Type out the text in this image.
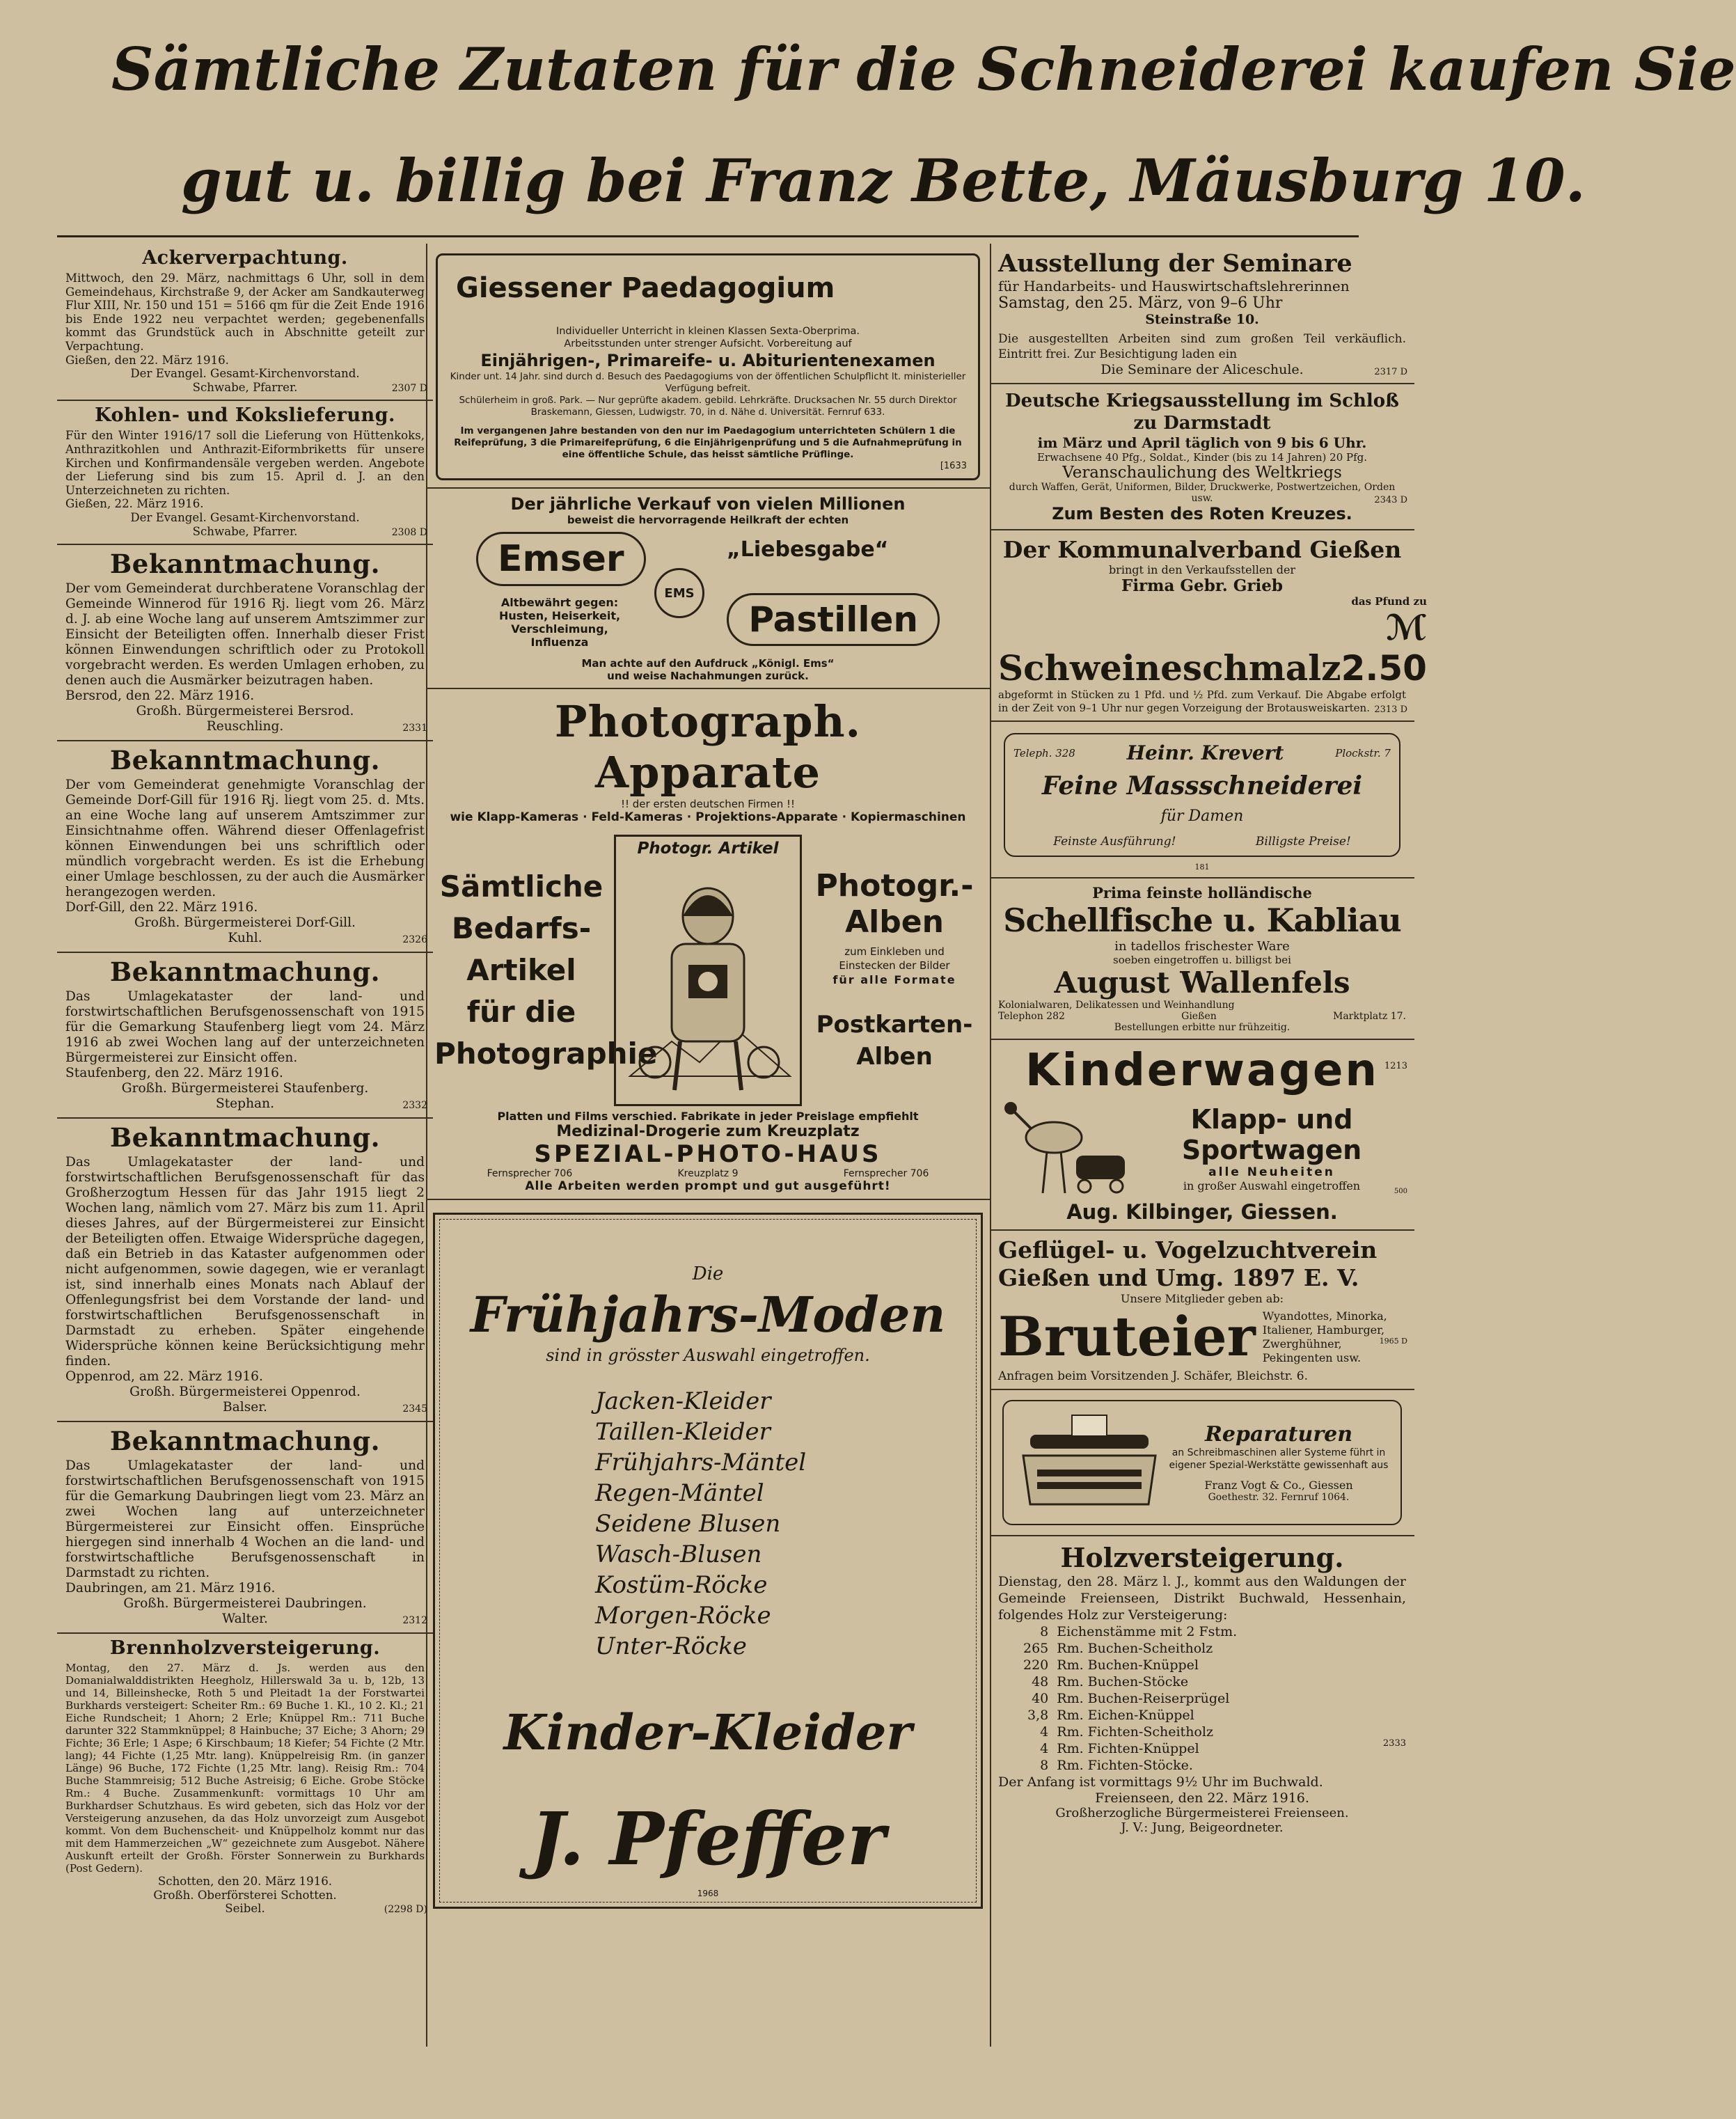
Sämtliche Zutaten für die Schneiderei kaufen Sie
gut u. billig bei Franz Bette, Mäusburg 10.
Ackerverpachtung.

Mittwoch, den 29. März, nachmittags 6 Uhr, soll in dem Gemeindehaus, Kirchstraße 9, der Acker am Sandkauterweg Flur XIII, Nr. 150 und 151 = 5166 qm für die Zeit Ende 1916 bis Ende 1922 neu verpachtet werden; gegebenenfalls kommt das Grundstück auch in Abschnitte geteilt zur Verpachtung.

Gießen, den 22. März 1916.

Der Evangel. Gesamt-Kirchenvorstand.

Schwabe, Pfarrer.	2307 D
Kohlen- und Kokslieferung.

Für den Winter 1916/17 soll die Lieferung von Hüttenkoks, Anthrazitkohlen und Anthrazit-Eiformbriketts für unsere Kirchen und Konfirmandensäle vergeben werden. Angebote der Lieferung sind bis zum 15. April d. J. an den Unterzeichneten zu richten.

Gießen, 22. März 1916.

Der Evangel. Gesamt-Kirchenvorstand.

Schwabe, Pfarrer.	2308 D
Bekanntmachung.

Der vom Gemeinderat durchberatene Voranschlag der Gemeinde Winnerod für 1916 Rj. liegt vom 26. März d. J. ab eine Woche lang auf unserem Amtszimmer zur Einsicht der Beteiligten offen. Innerhalb dieser Frist können Einwendungen schriftlich oder zu Protokoll vorgebracht werden. Es werden Umlagen erhoben, zu denen auch die Ausmärker beizutragen haben.

Bersrod, den 22. März 1916.

Großh. Bürgermeisterei Bersrod.

Reuschling.	2331
Bekanntmachung.

Der vom Gemeinderat genehmigte Voranschlag der Gemeinde Dorf-Gill für 1916 Rj. liegt vom 25. d. Mts. an eine Woche lang auf unserem Amtszimmer zur Einsichtnahme offen. Während dieser Offenlagefrist können Einwendungen bei uns schriftlich oder mündlich vorgebracht werden. Es ist die Erhebung einer Umlage beschlossen, zu der auch die Ausmärker herangezogen werden.

Dorf-Gill, den 22. März 1916.

Großh. Bürgermeisterei Dorf-Gill.

Kuhl.	2326
Bekanntmachung.

Das Umlagekataster der land- und forstwirtschaftlichen Berufsgenossenschaft von 1915 für die Gemarkung Staufenberg liegt vom 24. März 1916 ab zwei Wochen lang auf der unterzeichneten Bürgermeisterei zur Einsicht offen.

Staufenberg, den 22. März 1916.

Großh. Bürgermeisterei Staufenberg.

Stephan.	2332
Bekanntmachung.

Das Umlagekataster der land- und forstwirtschaftlichen Berufsgenossenschaft für das Großherzogtum Hessen für das Jahr 1915 liegt 2 Wochen lang, nämlich vom 27. März bis zum 11. April dieses Jahres, auf der Bürgermeisterei zur Einsicht der Beteiligten offen. Etwaige Widersprüche dagegen, daß ein Betrieb in das Kataster aufgenommen oder nicht aufgenommen, sowie dagegen, wie er veranlagt ist, sind innerhalb eines Monats nach Ablauf der Offenlegungsfrist bei dem Vorstande der land- und forstwirtschaftlichen Berufsgenossenschaft in Darmstadt zu erheben. Später eingehende Widersprüche können keine Berücksichtigung mehr finden.

Oppenrod, am 22. März 1916.

Großh. Bürgermeisterei Oppenrod.

Balser.	2345
Bekanntmachung.

Das Umlagekataster der land- und forstwirtschaftlichen Berufsgenossenschaft von 1915 für die Gemarkung Daubringen liegt vom 23. März an zwei Wochen lang auf unterzeichneter Bürgermeisterei zur Einsicht offen. Einsprüche hiergegen sind innerhalb 4 Wochen an die land- und forstwirtschaftliche Berufsgenossenschaft in Darmstadt zu richten.

Daubringen, am 21. März 1916.

Großh. Bürgermeisterei Daubringen.

Walter.	2312
Brennholzversteigerung.

Montag, den 27. März d. Js. werden aus den Domanialwalddistrikten Heegholz, Hillerswald 3a u. b, 12b, 13 und 14, Billeinshecke, Roth 5 und Pleitadt 1a der Forstwartei Burkhards versteigert: Scheiter Rm.: 69 Buche 1. Kl., 10 2. Kl.; 21 Eiche Rundscheit; 1 Ahorn; 2 Erle; Knüppel Rm.: 711 Buche darunter 322 Stammknüppel; 8 Hainbuche; 37 Eiche; 3 Ahorn; 29 Fichte; 36 Erle; 1 Aspe; 6 Kirschbaum; 18 Kiefer; 54 Fichte (2 Mtr. lang); 44 Fichte (1,25 Mtr. lang). Knüppelreisig Rm. (in ganzer Länge) 96 Buche, 172 Fichte (1,25 Mtr. lang). Reisig Rm.: 704 Buche Stammreisig; 512 Buche Astreisig; 6 Eiche. Grobe Stöcke Rm.: 4 Buche. Zusammenkunft: vormittags 10 Uhr am Burkhardser Schutzhaus. Es wird gebeten, sich das Holz vor der Versteigerung anzusehen, da das Holz unvorzeigt zum Ausgebot kommt. Von dem Buchenscheit- und Knüppelholz kommt nur das mit dem Hammerzeichen „W“ gezeichnete zum Ausgebot. Nähere Auskunft erteilt der Großh. Förster Sonnerwein zu Burkhards (Post Gedern).

Schotten, den 20. März 1916.

Großh. Oberförsterei Schotten.

Seibel.	(2298 D)
Giessener Paedagogium
Individueller Unterricht in kleinen Klassen Sexta-Oberprima.
Arbeitsstunden unter strenger Aufsicht. Vorbereitung auf
Einjährigen-, Primareife- u. Abiturientenexamen
Kinder unt. 14 Jahr. sind durch d. Besuch des Paedagogiums von der öffentlichen Schulpflicht lt. ministerieller Verfügung befreit.
Schülerheim in groß. Park. — Nur geprüfte akadem. gebild. Lehrkräfte. Drucksachen Nr. 55 durch Direktor Braskemann, Giessen, Ludwigstr. 70, in d. Nähe d. Universität. Fernruf 633.
Im vergangenen Jahre bestanden von den nur im Paedagogium unterrichteten Schülern 1 die Reifeprüfung, 3 die Primareifeprüfung, 6 die Einjährigenprüfung und 5 die Aufnahmeprüfung in eine öffentliche Schule, das heisst sämtliche Prüflinge.
[1633
Der jährliche Verkauf von vielen Millionen
beweist die hervorragende Heilkraft der echten
Emser	„Liebesgabe“
EMS
Pastillen
Altbewährt gegen:
Husten, Heiserkeit,
Verschleimung, Influenza
Man achte auf den Aufdruck „Königl. Ems“
und weise Nachahmungen zurück.
Photograph. Apparate
!! der ersten deutschen Firmen !!
wie Klapp-Kameras · Feld-Kameras · Projektions-Apparate · Kopiermaschinen
Sämtliche
Bedarfs-
Artikel
für die
Photographie
Photogr. Artikel
Photogr.-
Alben
zum Einkleben und
Einstecken der Bilder
für alle Formate
Postkarten-
Alben
Platten und Films verschied. Fabrikate in jeder Preislage empfiehlt
Medizinal-Drogerie zum Kreuzplatz
SPEZIAL-PHOTO-HAUS
Fernsprecher 706	Kreuzplatz 9	Fernsprecher 706
Alle Arbeiten werden prompt und gut ausgeführt!
Die
Frühjahrs-Moden
sind in grösster Auswahl eingetroffen.
Jacken-Kleider
Taillen-Kleider
Frühjahrs-Mäntel
Regen-Mäntel
Seidene Blusen
Wasch-Blusen
Kostüm-Röcke
Morgen-Röcke
Unter-Röcke
Kinder-Kleider
J. Pfeffer
1968
Ausstellung der Seminare
für Handarbeits- und Hauswirtschaftslehrerinnen
Samstag, den 25. März, von 9–6 Uhr
Steinstraße 10.
Die ausgestellten Arbeiten sind zum großen Teil verkäuflich. Eintritt frei. Zur Besichtigung laden ein
Die Seminare der Aliceschule.	2317 D
Deutsche Kriegsausstellung im Schloß zu Darmstadt
im März und April täglich von 9 bis 6 Uhr.
Erwachsene 40 Pfg., Soldat., Kinder (bis zu 14 Jahren) 20 Pfg.
Veranschaulichung des Weltkriegs
durch Waffen, Gerät, Uniformen, Bilder, Druckwerke, Postwertzeichen, Orden usw.
Zum Besten des Roten Kreuzes.
2343 D
Der Kommunalverband Gießen
bringt in den Verkaufsstellen der
Firma Gebr. Grieb
Schweineschmalz
das Pfund zu
ℳ 2.50
abgeformt in Stücken zu 1 Pfd. und ½ Pfd. zum Verkauf. Die Abgabe erfolgt in der Zeit von 9–1 Uhr nur gegen Vorzeigung der Brotausweiskarten. 2313 D
Teleph. 328	Heinr. Krevert	Plockstr. 7
Feine Massschneiderei
für Damen
Feinste Ausführung!	Billigste Preise!
181
Prima feinste holländische
Schellfische u. Kabliau
in tadellos frischester Ware
soeben eingetroffen u. billigst bei
August Wallenfels
Kolonialwaren, Delikatessen und Weinhandlung
Telephon 282	Gießen	Marktplatz 17.
Bestellungen erbitte nur frühzeitig.
1213
Kinderwagen
Klapp- und
Sportwagen
alle Neuheiten
in großer Auswahl eingetroffen
Aug. Kilbinger, Giessen.
500
Geflügel- u. Vogelzuchtverein
Gießen und Umg. 1897 E. V.
Unsere Mitglieder geben ab:
Bruteier Wyandottes, Minorka, Italiener, Hamburger, Zwerghühner, Pekingenten usw.
Anfragen beim Vorsitzenden J. Schäfer, Bleichstr. 6.
1965 D
Reparaturen
an Schreibmaschinen aller Systeme führt in eigener Spezial-Werkstätte gewissenhaft aus
Franz Vogt & Co., Giessen
Goethestr. 32. Fernruf 1064.
Holzversteigerung.
Dienstag, den 28. März l. J., kommt aus den Waldungen der Gemeinde Freienseen, Distrikt Buchwald, Hessenhain, folgendes Holz zur Versteigerung:
8	Eichenstämme mit 2 Fstm.
265	Rm. Buchen-Scheitholz
220	Rm. Buchen-Knüppel
48	Rm. Buchen-Stöcke
40	Rm. Buchen-Reiserprügel
3,8	Rm. Eichen-Knüppel
4	Rm. Fichten-Scheitholz
4	Rm. Fichten-Knüppel
8	Rm. Fichten-Stöcke.
Der Anfang ist vormittags 9½ Uhr im Buchwald.
Freienseen, den 22. März 1916.
Großherzogliche Bürgermeisterei Freienseen.
J. V.: Jung, Beigeordneter.
2333
